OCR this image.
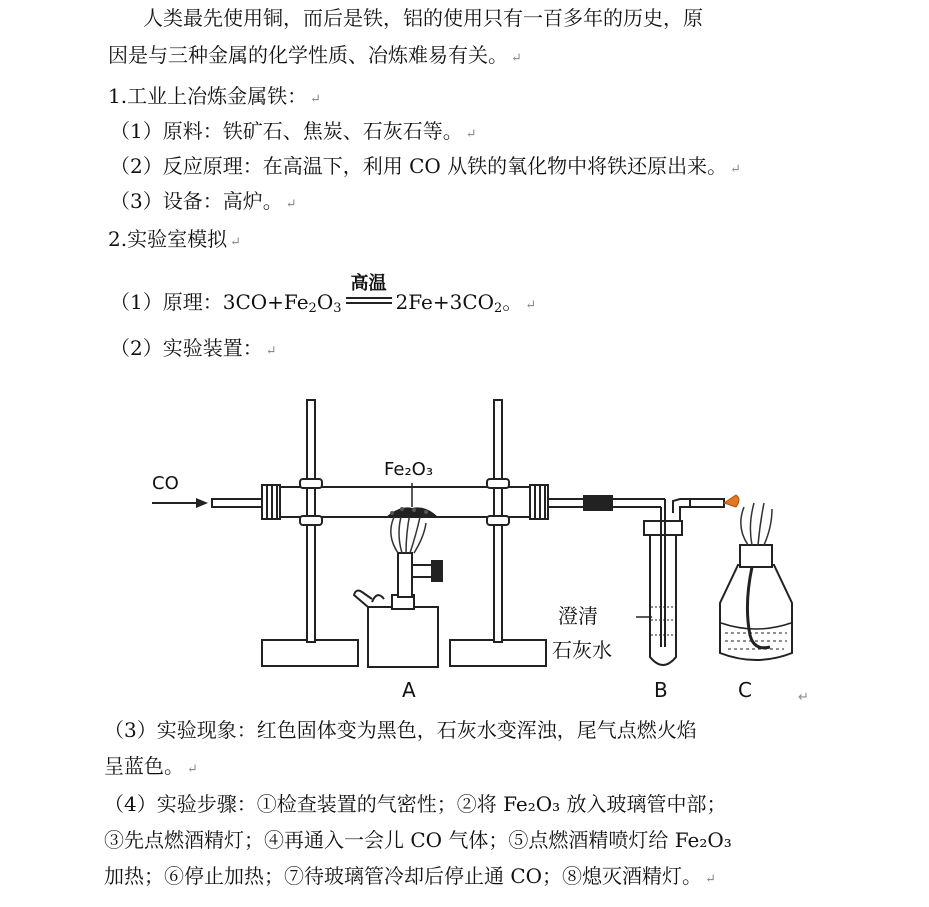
人类最先使用铜，而后是铁，铝的使用只有一百多年的历史，原
因是与三种金属的化学性质、冶炼难易有关。 ↵
1.工业上冶炼金属铁： ↵
（1）原料：铁矿石、焦炭、石灰石等。 ↵
（2）反应原理：在高温下，利用 CO 从铁的氧化物中将铁还原出来。 ↵
（3）设备：高炉。 ↵
2.实验室模拟 ↵
（1）原理：$3CO+Fe_2O_3$
高温
$2Fe+3CO_2$。 ↵
（2）实验装置： ↵
CO
Fe₂O₃
澄清
石灰水
A	B	C	↵
（3）实验现象：红色固体变为黑色，石灰水变浑浊，尾气点燃火焰
呈蓝色。 ↵
（4）实验步骤：①检查装置的气密性；②将 Fe₂O₃ 放入玻璃管中部；
③先点燃酒精灯；④再通入一会儿 CO 气体；⑤点燃酒精喷灯给 Fe₂O₃
加热；⑥停止加热；⑦待玻璃管冷却后停止通 CO；⑧熄灭酒精灯。 ↵
